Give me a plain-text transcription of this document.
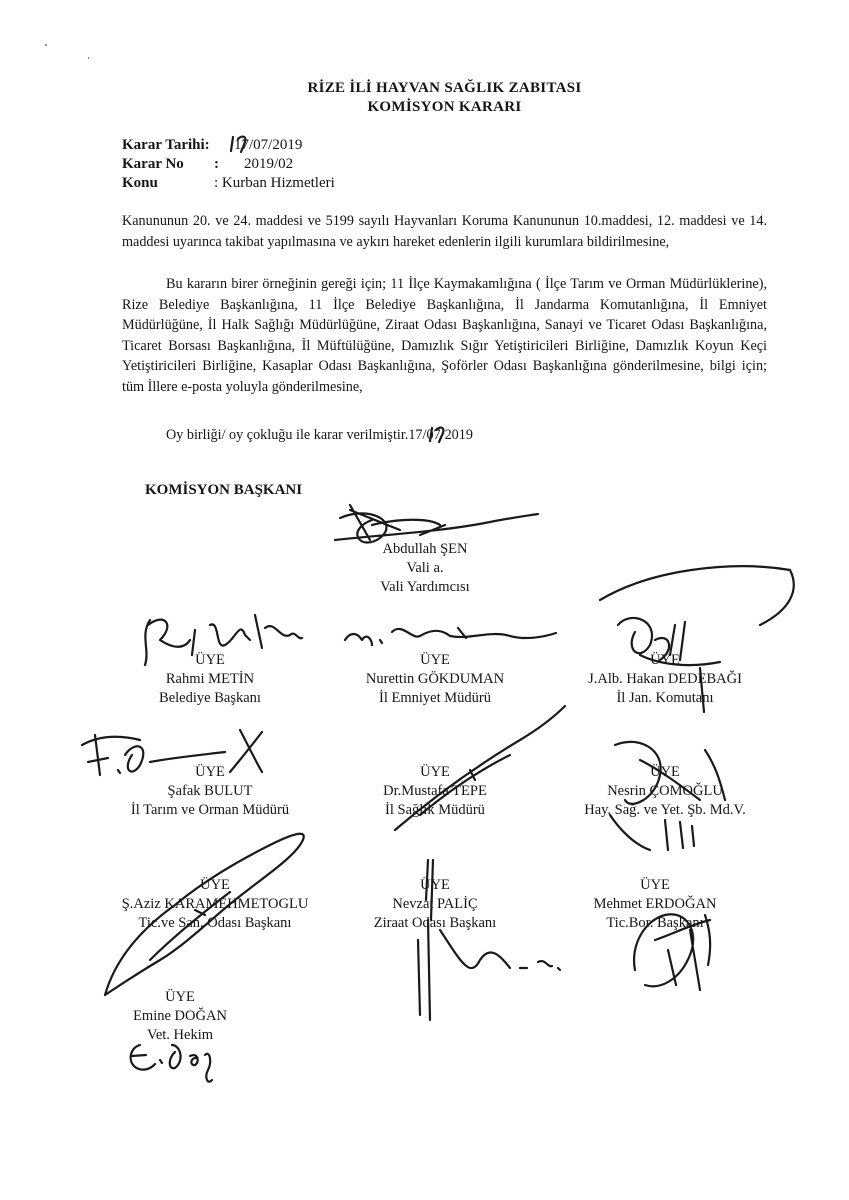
RİZE İLİ HAYVAN SAĞLIK ZABITASI
KOMİSYON KARARI
Karar Tarihi: 17/07/2019
Karar No : 2019/02
Konu	: Kurban Hizmetleri
Kanununun 20. ve 24. maddesi ve 5199 sayılı Hayvanları Koruma Kanununun 10.maddesi, 12. maddesi ve 14. maddesi uyarınca takibat yapılmasına ve aykırı hareket edenlerin ilgili kurumlara bildirilmesine,
Bu kararın birer örneğinin gereği için; 11 İlçe Kaymakamlığına ( İlçe Tarım ve Orman Müdürlüklerine), Rize Belediye Başkanlığına, 11 İlçe Belediye Başkanlığına, İl Jandarma Komutanlığına, İl Emniyet Müdürlüğüne, İl Halk Sağlığı Müdürlüğüne, Ziraat Odası Başkanlığına, Sanayi ve Ticaret Odası Başkanlığına, Ticaret Borsası Başkanlığına, İl Müftülüğüne, Damızlık Sığır Yetiştiricileri Birliğine, Damızlık Koyun Keçi Yetiştiricileri Birliğine, Kasaplar Odası Başkanlığına, Şoförler Odası Başkanlığına gönderilmesine, bilgi için; tüm İllere e-posta yoluyla gönderilmesine,
Oy birliği/ oy çokluğu ile karar verilmiştir.17/07/2019
KOMİSYON BAŞKANI
Abdullah ŞEN
Vali a.
Vali Yardımcısı
ÜYE
Rahmi METİN
Belediye Başkanı
ÜYE
Nurettin GÖKDUMAN
İl Emniyet Müdürü
ÜYE
J.Alb. Hakan DEDEBAĞI
İl Jan. Komutanı
ÜYE
Şafak BULUT
İl Tarım ve Orman Müdürü
ÜYE
Dr.Mustafa TEPE
İl Sağlık Müdürü
ÜYE
Nesrin ÇOMOĞLU
Hay. Sağ. ve Yet. Şb. Md.V.
ÜYE
Ş.Aziz KARAMEHMETOGLU
Tic.ve San. Odası Başkanı
ÜYE
Nevzat PALİÇ
Ziraat Odası Başkanı
ÜYE
Mehmet ERDOĞAN
Tic.Bor. Başkanı
ÜYE
Emine DOĞAN
Vet. Hekim
